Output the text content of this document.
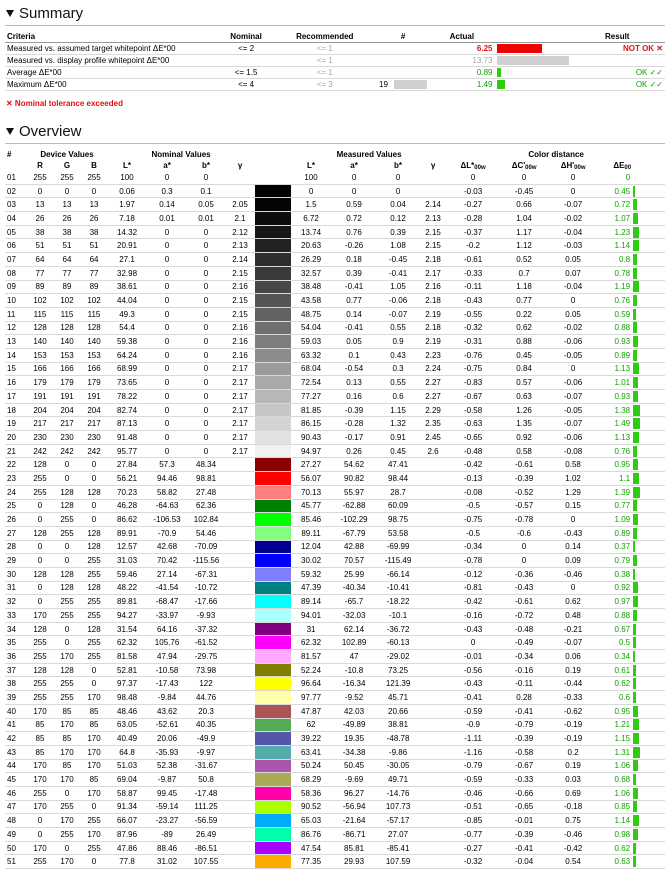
Summary
Criteria	Nominal	Recommended	#	Actual		Result
Measured vs. assumed target whitepoint ΔE*00	<= 2	<= 1		6.25		NOT OK ✕
Measured vs. display profile whitepoint ΔE*00		<= 1		13.73		
Average ΔE*00	<= 1.5	<= 1		0.89		OK ✓✓
Maximum ΔE*00	<= 4	<= 3	19	1.49		OK ✓✓
✕ Nominal tolerance exceeded
Overview
#	Device Values			Nominal Values					Measured Values				Color distance				
	R	G	B	L*	a*	b*	γ		L*	a*	b*	γ	ΔL*00w	ΔC'00w	ΔH'00w	ΔE00	
01	255	255	255	100	0	0			100	0	0		0	0	0	0	

02	0	0	0	0.06	0.3	0.1			0	0	0		-0.03	-0.45	0	0.45	

03	13	13	13	1.97	0.14	0.05	2.05		1.5	0.59	0.04	2.14	-0.27	0.66	-0.07	0.72	

04	26	26	26	7.18	0.01	0.01	2.1		6.72	0.72	0.12	2.13	-0.28	1.04	-0.02	1.07	

05	38	38	38	14.32	0	0	2.12		13.74	0.76	0.39	2.15	-0.37	1.17	-0.04	1.23	

06	51	51	51	20.91	0	0	2.13		20.63	-0.26	1.08	2.15	-0.2	1.12	-0.03	1.14	

07	64	64	64	27.1	0	0	2.14		26.29	0.18	-0.45	2.18	-0.61	0.52	0.05	0.8	

08	77	77	77	32.98	0	0	2.15		32.57	0.39	-0.41	2.17	-0.33	0.7	0.07	0.78	

09	89	89	89	38.61	0	0	2.16		38.48	-0.41	1.05	2.16	-0.11	1.18	-0.04	1.19	

10	102	102	102	44.04	0	0	2.15		43.58	0.77	-0.06	2.18	-0.43	0.77	0	0.76	

11	115	115	115	49.3	0	0	2.15		48.75	0.14	-0.07	2.19	-0.55	0.22	0.05	0.59	

12	128	128	128	54.4	0	0	2.16		54.04	-0.41	0.55	2.18	-0.32	0.62	-0.02	0.88	

13	140	140	140	59.38	0	0	2.16		59.03	0.05	0.9	2.19	-0.31	0.88	-0.06	0.93	

14	153	153	153	64.24	0	0	2.16		63.32	0.1	0.43	2.23	-0.76	0.45	-0.05	0.89	

15	166	166	166	68.99	0	0	2.17		68.04	-0.54	0.3	2.24	-0.75	0.84	0	1.13	

16	179	179	179	73.65	0	0	2.17		72.54	0.13	0.55	2.27	-0.83	0.57	-0.06	1.01	

17	191	191	191	78.22	0	0	2.17		77.27	0.16	0.6	2.27	-0.67	0.63	-0.07	0.93	

18	204	204	204	82.74	0	0	2.17		81.85	-0.39	1.15	2.29	-0.58	1.26	-0.05	1.38	

19	217	217	217	87.13	0	0	2.17		86.15	-0.28	1.32	2.35	-0.63	1.35	-0.07	1.49	

20	230	230	230	91.48	0	0	2.17		90.43	-0.17	0.91	2.45	-0.65	0.92	-0.06	1.13	

21	242	242	242	95.77	0	0	2.17		94.97	0.26	0.45	2.6	-0.48	0.58	-0.08	0.76	

22	128	0	0	27.84	57.3	48.34			27.27	54.62	47.41		-0.42	-0.61	0.58	0.95	

23	255	0	0	56.21	94.46	98.81			56.07	90.82	98.44		-0.13	-0.39	1.02	1.1	

24	255	128	128	70.23	58.82	27.48			70.13	55.97	28.7		-0.08	-0.52	1.29	1.39	

25	0	128	0	46.28	-64.63	62.36			45.77	-62.88	60.09		-0.5	-0.57	0.15	0.77	

26	0	255	0	86.62	-106.53	102.84			85.46	-102.29	98.75		-0.75	-0.78	0	1.09	

27	128	255	128	89.91	-70.9	54.46			89.11	-67.79	53.58		-0.5	-0.6	-0.43	0.89	

28	0	0	128	12.57	42.68	-70.09			12.04	42.88	-69.99		-0.34	0	0.14	0.37	

29	0	0	255	31.03	70.42	-115.56			30.02	70.57	-115.49		-0.78	0	0.09	0.79	

30	128	128	255	59.46	27.14	-67.31			59.32	25.99	-66.14		-0.12	-0.36	-0.46	0.38	

31	0	128	128	48.22	-41.54	-10.72			47.39	-40.34	-10.41		-0.81	-0.43	0	0.92	

32	0	255	255	89.81	-68.47	-17.66			89.14	-65.7	-18.22		-0.42	-0.61	0.62	0.97	

33	170	255	255	94.27	-33.97	-9.93			94.01	-32.03	-10.1		-0.16	-0.72	0.48	0.88	

34	128	0	128	31.54	64.16	-37.32			31	62.14	-36.72		-0.43	-0.48	-0.21	0.67	

35	255	0	255	62.32	105.76	-61.52			62.32	102.89	-60.13		0	-0.49	-0.07	0.5	

36	255	170	255	81.58	47.94	-29.75			81.57	47	-29.02		-0.01	-0.34	0.06	0.34	

37	128	128	0	52.81	-10.58	73.98			52.24	-10.8	73.25		-0.56	-0.16	0.19	0.61	

38	255	255	0	97.37	-17.43	122			96.64	-16.34	121.39		-0.43	-0.11	-0.44	0.62	

39	255	255	170	98.48	-9.84	44.76			97.77	-9.52	45.71		-0.41	0.28	-0.33	0.6	

40	170	85	85	48.46	43.62	20.3			47.87	42.03	20.66		-0.59	-0.41	-0.62	0.95	

41	85	170	85	63.05	-52.61	40.35			62	-49.89	38.81		-0.9	-0.79	-0.19	1.21	

42	85	85	170	40.49	20.06	-49.9			39.22	19.35	-48.78		-1.11	-0.39	-0.19	1.15	

43	85	170	170	64.8	-35.93	-9.97			63.41	-34.38	-9.86		-1.16	-0.58	0.2	1.31	

44	170	85	170	51.03	52.38	-31.67			50.24	50.45	-30.05		-0.79	-0.67	0.19	1.06	

45	170	170	85	69.04	-9.87	50.8			68.29	-9.69	49.71		-0.59	-0.33	0.03	0.68	

46	255	0	170	58.87	99.45	-17.48			58.36	96.27	-14.76		-0.46	-0.66	0.69	1.06	

47	170	255	0	91.34	-59.14	111.25			90.52	-56.94	107.73		-0.51	-0.65	-0.18	0.85	

48	0	170	255	66.07	-23.27	-56.59			65.03	-21.64	-57.17		-0.85	-0.01	0.75	1.14	

49	0	255	170	87.96	-89	26.49			86.76	-86.71	27.07		-0.77	-0.39	-0.46	0.98	

50	170	0	255	47.86	88.46	-86.51			47.54	85.81	-85.41		-0.27	-0.41	-0.42	0.62	

51	255	170	0	77.8	31.02	107.55			77.35	29.93	107.59		-0.32	-0.04	0.54	0.63	
